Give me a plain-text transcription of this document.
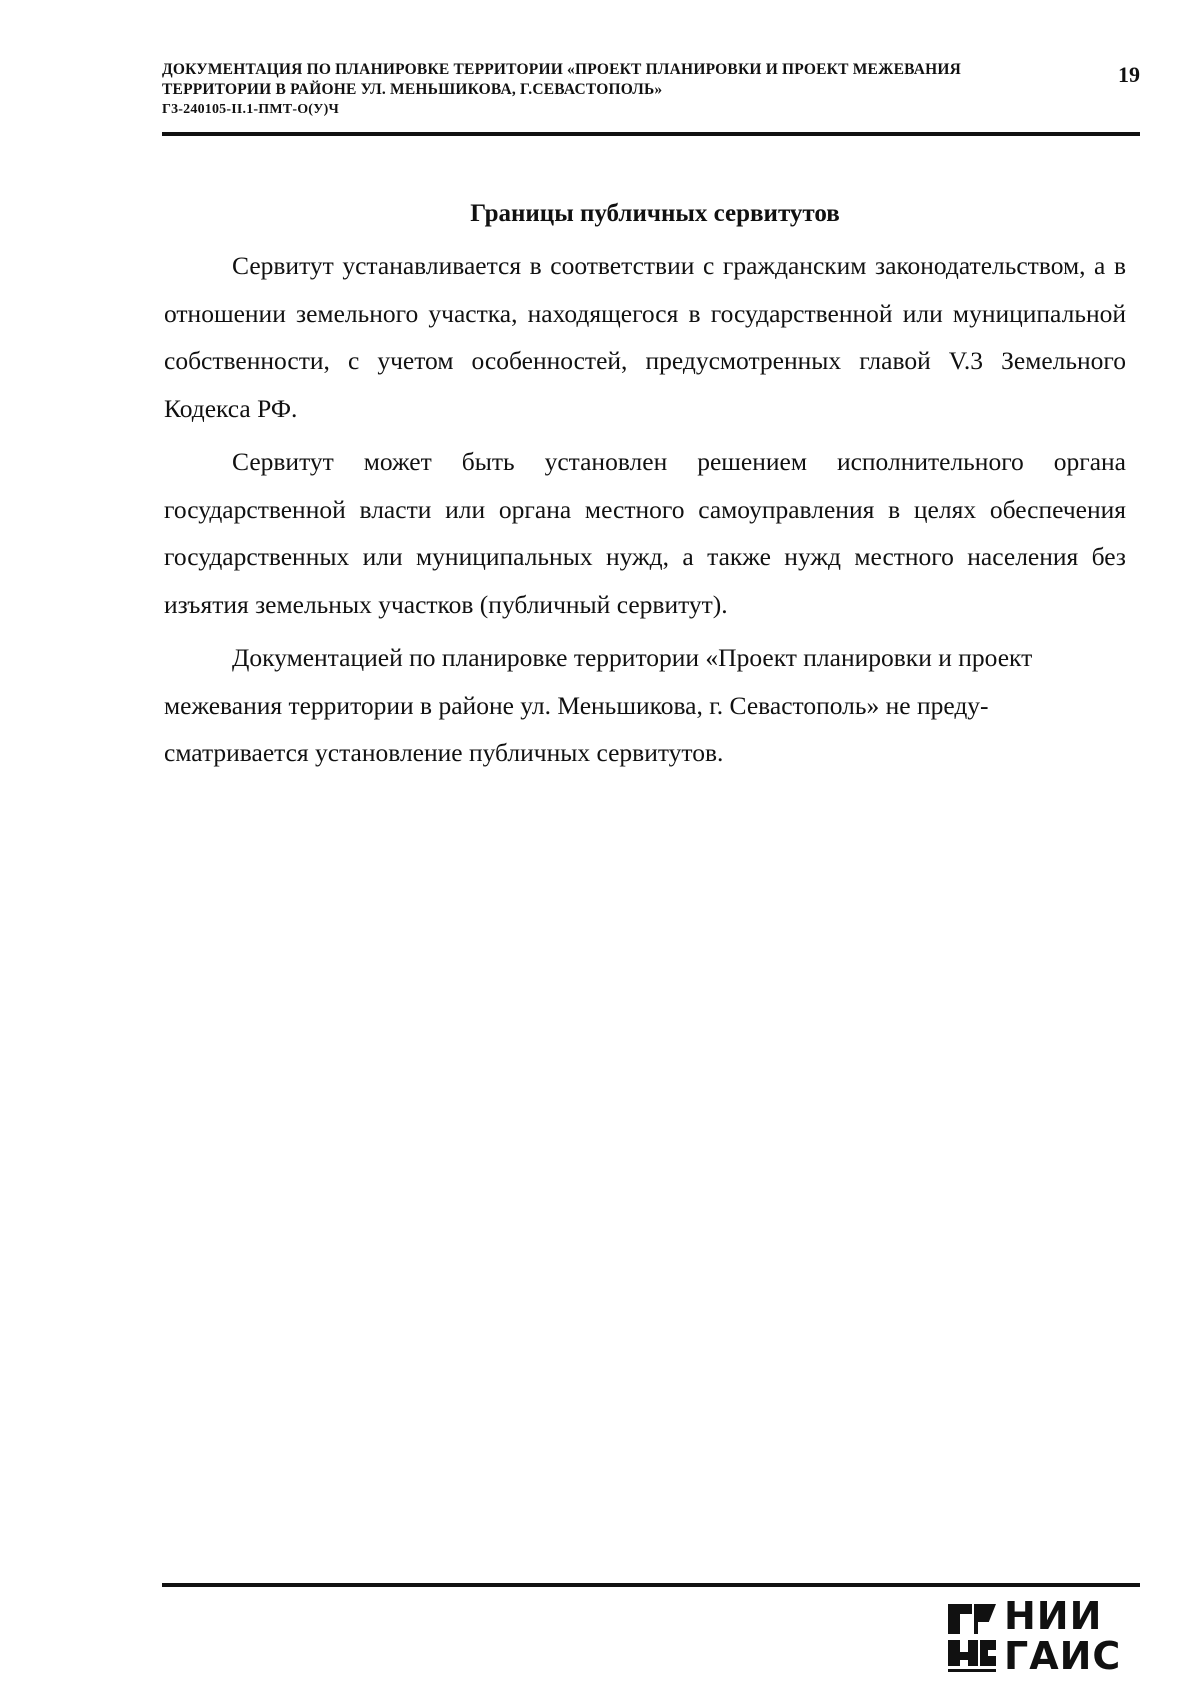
ДОКУМЕНТАЦИЯ ПО ПЛАНИРОВКЕ ТЕРРИТОРИИ «ПРОЕКТ ПЛАНИРОВКИ И ПРОЕКТ МЕЖЕВАНИЯ
ТЕРРИТОРИИ В РАЙОНЕ УЛ. МЕНЬШИКОВА, Г.СЕВАСТОПОЛЬ»
Г3-240105-II.1-ПМТ-О(У)Ч
19
Границы публичных сервитутов

Сервитут устанавливается в соответствии с гражданским законодательством, а в отношении земельного участка, находящегося в государственной или муниципальной собственности, с учетом особенностей, предусмотренных главой V.3 Земельного Кодекса РФ.

Сервитут может быть установлен решением исполнительного органа государственной власти или органа местного самоуправления в целях обеспечения государственных или муниципальных нужд, а также нужд местного населения без изъятия земельных участков (публичный сервитут).

Документацией по планировке территории «Проект планировки и проект межевания территории в районе ул. Меньшикова, г. Севастополь» не преду-сматривается установление публичных сервитутов.

НИИ
ГАИС
